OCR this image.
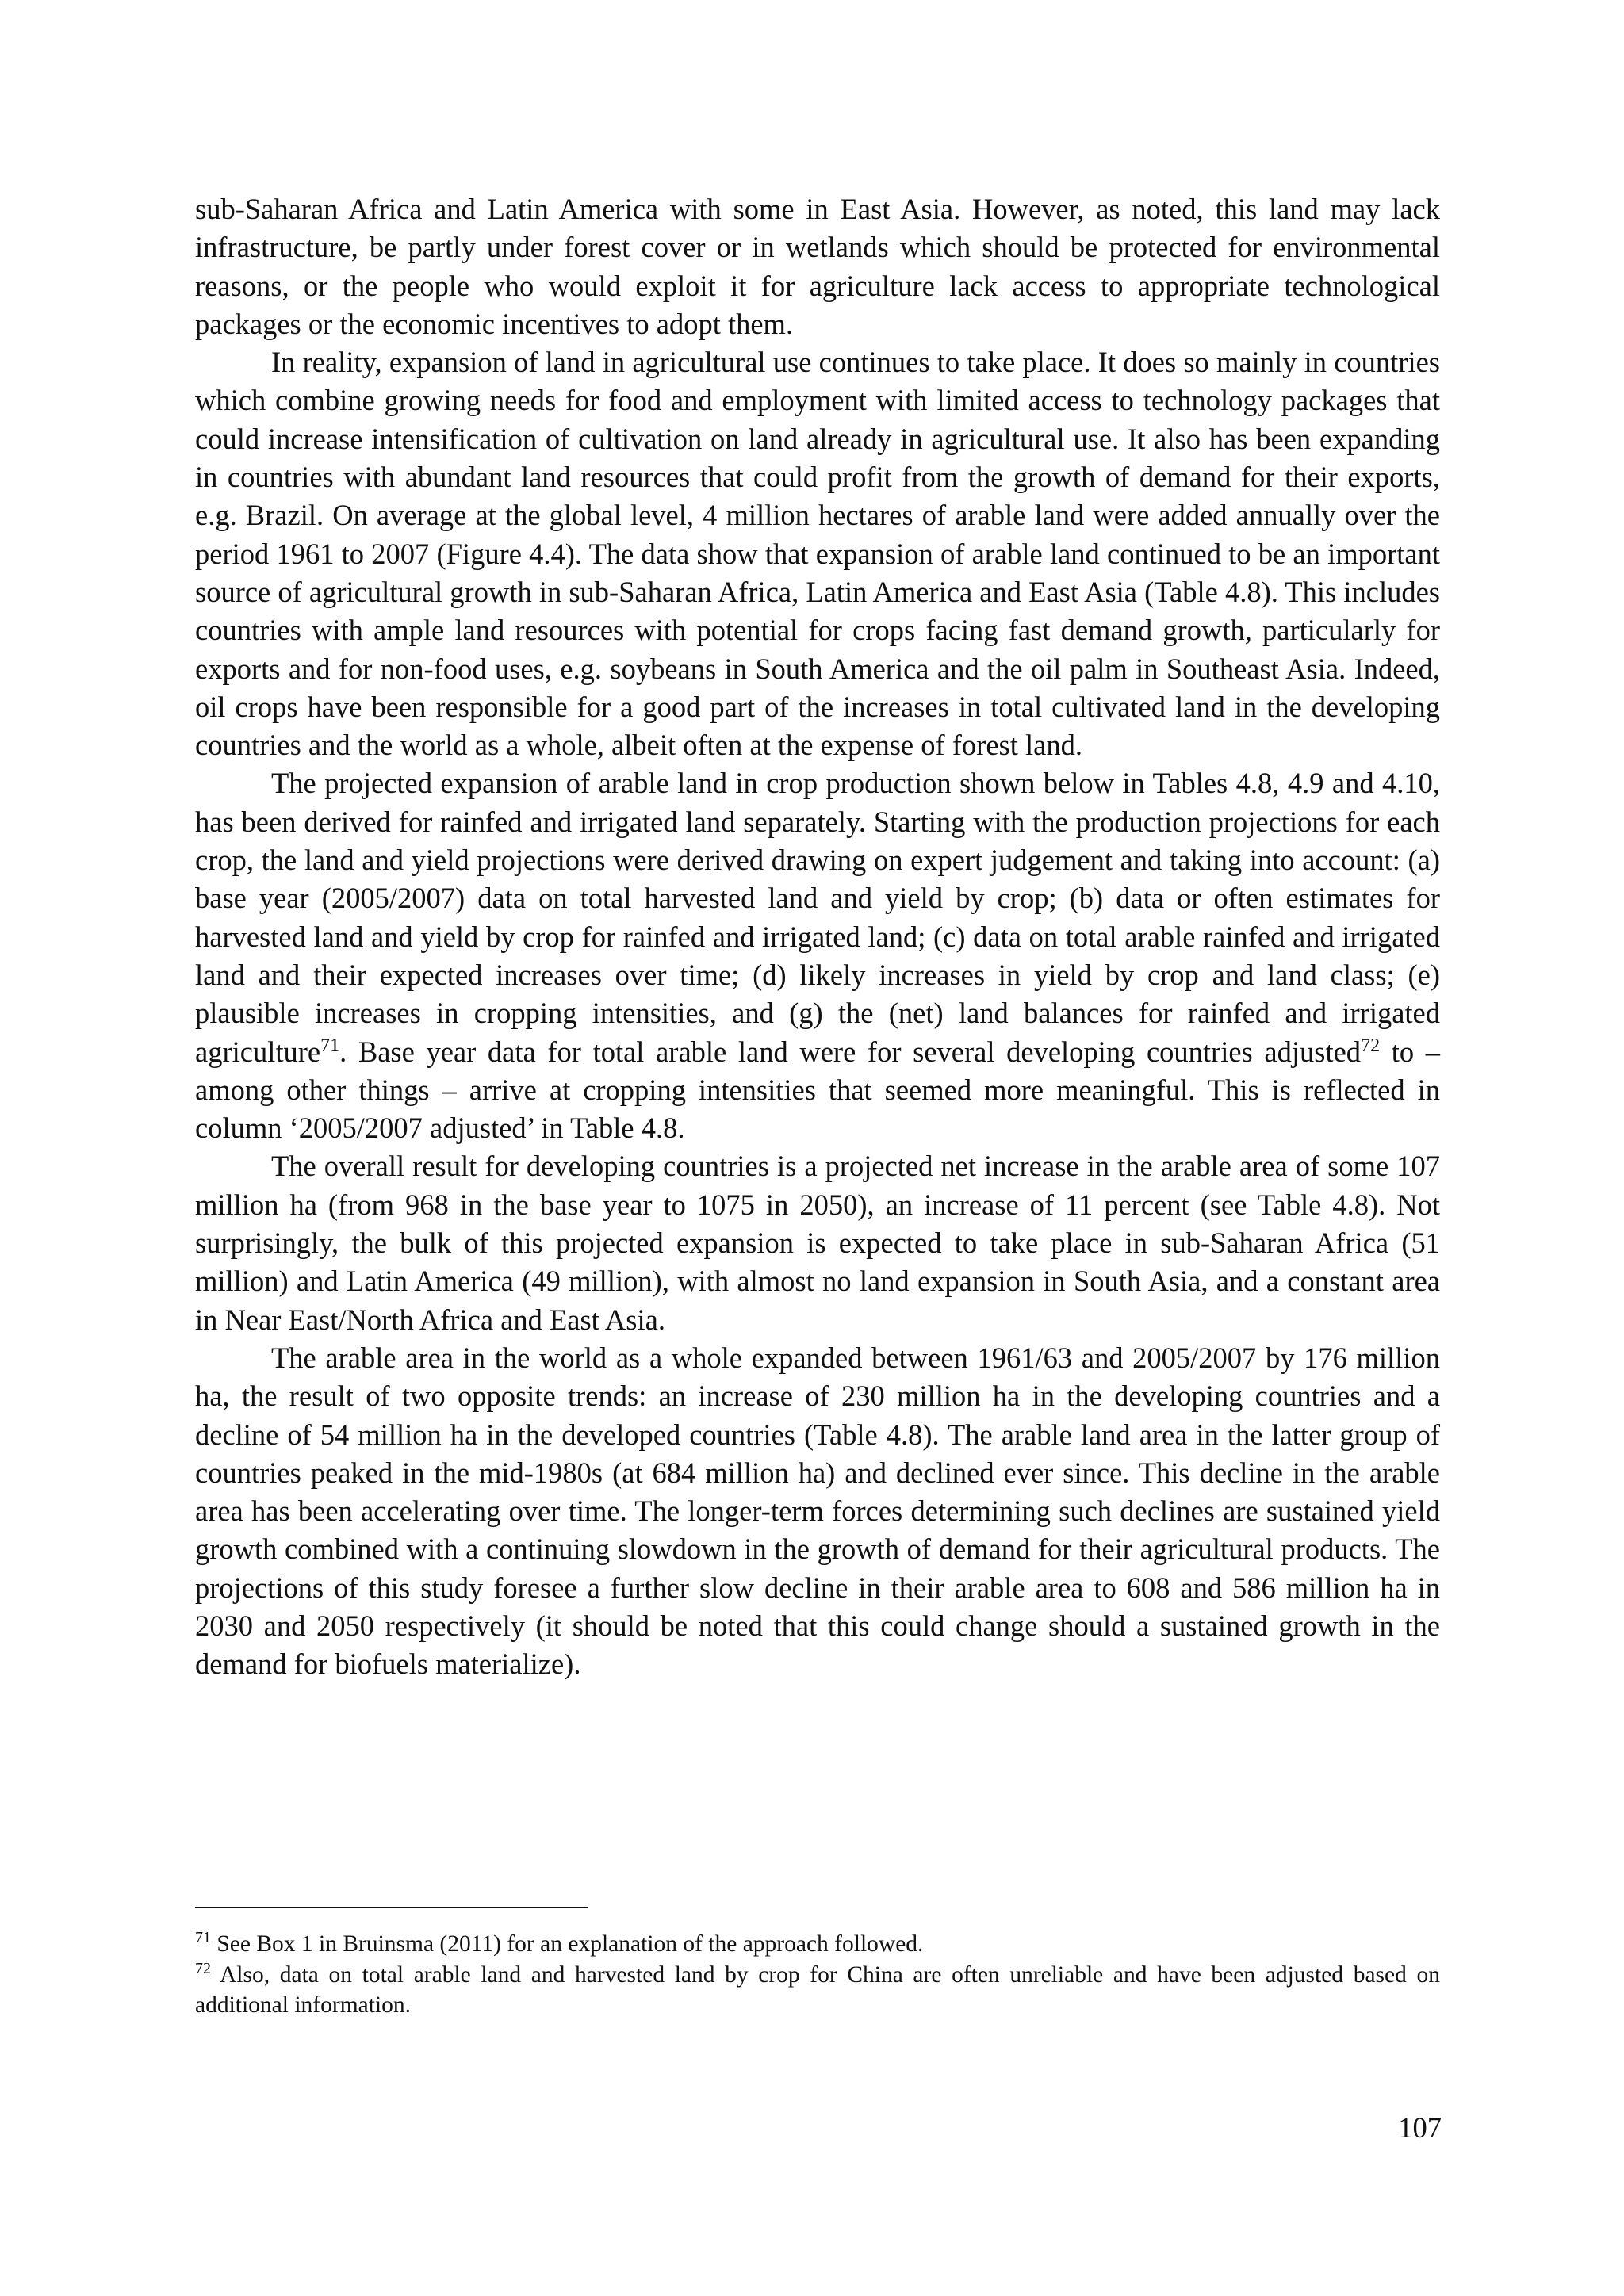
sub-Saharan Africa and Latin America with some in East Asia. However, as noted, this land may lack infrastructure, be partly under forest cover or in wetlands which should be protected for environmental reasons, or the people who would exploit it for agriculture lack access to appropriate technological packages or the economic incentives to adopt them.

In reality, expansion of land in agricultural use continues to take place. It does so mainly in countries which combine growing needs for food and employment with limited access to technology packages that could increase intensification of cultivation on land already in agricultural use. It also has been expanding in countries with abundant land resources that could profit from the growth of demand for their exports, e.g. Brazil. On average at the global level, 4 million hectares of arable land were added annually over the period 1961 to 2007 (Figure 4.4). The data show that expansion of arable land continued to be an important source of agricultural growth in sub-Saharan Africa, Latin America and East Asia (Table 4.8). This includes countries with ample land resources with potential for crops facing fast demand growth, particularly for exports and for non-food uses, e.g. soybeans in South America and the oil palm in Southeast Asia. Indeed, oil crops have been responsible for a good part of the increases in total cultivated land in the developing countries and the world as a whole, albeit often at the expense of forest land.

The projected expansion of arable land in crop production shown below in Tables 4.8, 4.9 and 4.10, has been derived for rainfed and irrigated land separately. Starting with the production projections for each crop, the land and yield projections were derived drawing on expert judgement and taking into account: (a) base year (2005/2007) data on total harvested land and yield by crop; (b) data or often estimates for harvested land and yield by crop for rainfed and irrigated land; (c) data on total arable rainfed and irrigated land and their expected increases over time; (d) likely increases in yield by crop and land class; (e) plausible increases in cropping intensities, and (g) the (net) land balances for rainfed and irrigated agriculture$^{71}$. Base year data for total arable land were for several developing countries adjusted$^{72}$ to – among other things – arrive at cropping intensities that seemed more meaningful. This is reflected in column ‘2005/2007 adjusted’ in Table 4.8.

The overall result for developing countries is a projected net increase in the arable area of some 107 million ha (from 968 in the base year to 1075 in 2050), an increase of 11 percent (see Table 4.8). Not surprisingly, the bulk of this projected expansion is expected to take place in sub-Saharan Africa (51 million) and Latin America (49 million), with almost no land expansion in South Asia, and a constant area in Near East/North Africa and East Asia.

The arable area in the world as a whole expanded between 1961/63 and 2005/2007 by 176 million ha, the result of two opposite trends: an increase of 230 million ha in the developing countries and a decline of 54 million ha in the developed countries (Table 4.8). The arable land area in the latter group of countries peaked in the mid-1980s (at 684 million ha) and declined ever since. This decline in the arable area has been accelerating over time. The longer-term forces determining such declines are sustained yield growth combined with a continuing slowdown in the growth of demand for their agricultural products. The projections of this study foresee a further slow decline in their arable area to 608 and 586 million ha in 2030 and 2050 respectively (it should be noted that this could change should a sustained growth in the demand for biofuels materialize).

$^{71}$ See Box 1 in Bruinsma (2011) for an explanation of the approach followed.

$^{72}$ Also, data on total arable land and harvested land by crop for China are often unreliable and have been adjusted based on additional information.

107
